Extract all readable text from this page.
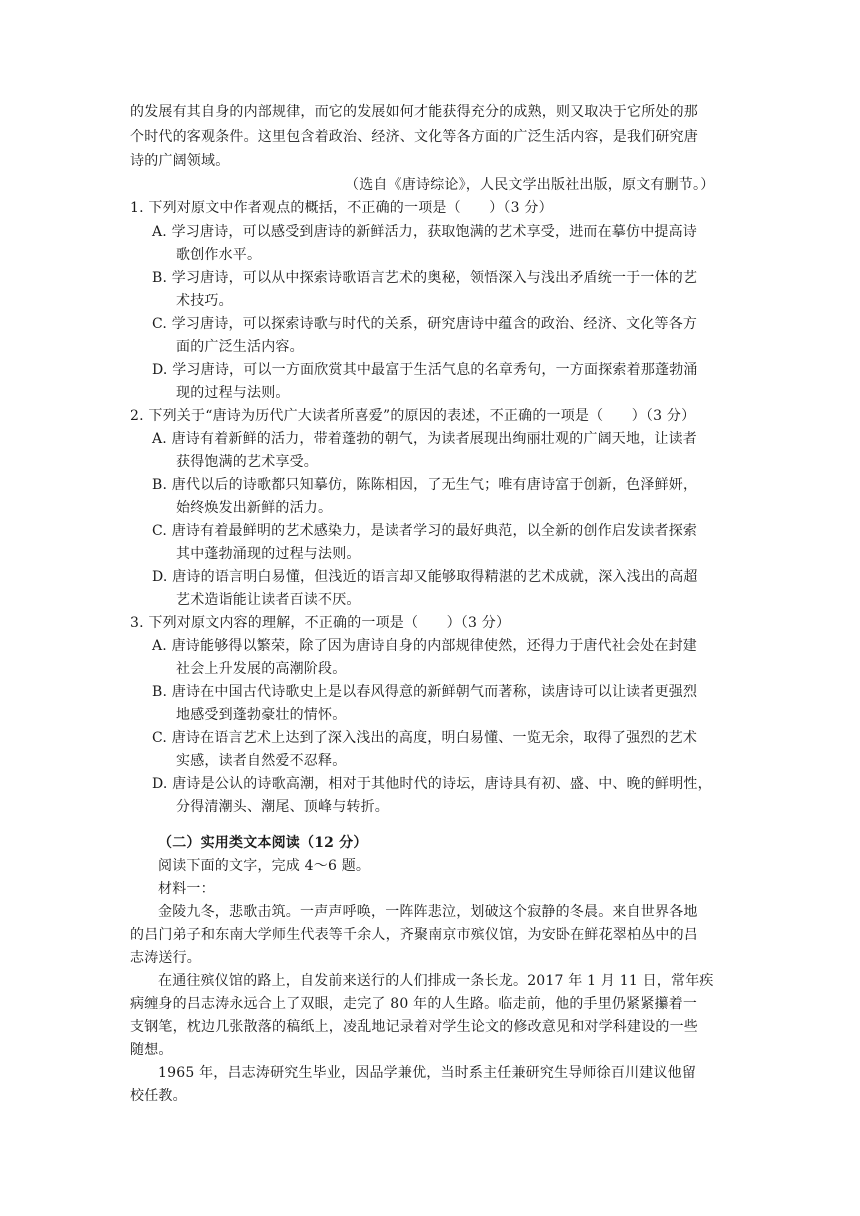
的发展有其自身的内部规律，而它的发展如何才能获得充分的成熟，则又取决于它所处的那
个时代的客观条件。这里包含着政治、经济、文化等各方面的广泛生活内容，是我们研究唐
诗的广阔领域。
（选自《唐诗综论》，人民文学出版社出版，原文有删节。）
1. 下列对原文中作者观点的概括，不正确的一项是（　　）（3 分）
A. 学习唐诗，可以感受到唐诗的新鲜活力，获取饱满的艺术享受，进而在摹仿中提高诗
歌创作水平。
B. 学习唐诗，可以从中探索诗歌语言艺术的奥秘，领悟深入与浅出矛盾统一于一体的艺
术技巧。
C. 学习唐诗，可以探索诗歌与时代的关系，研究唐诗中蕴含的政治、经济、文化等各方
面的广泛生活内容。
D. 学习唐诗，可以一方面欣赏其中最富于生活气息的名章秀句，一方面探索着那蓬勃涌
现的过程与法则。
2. 下列关于“唐诗为历代广大读者所喜爱”的原因的表述，不正确的一项是（　　）（3 分）
A. 唐诗有着新鲜的活力，带着蓬勃的朝气，为读者展现出绚丽壮观的广阔天地，让读者
获得饱满的艺术享受。
B. 唐代以后的诗歌都只知摹仿，陈陈相因，了无生气；唯有唐诗富于创新，色泽鲜妍，
始终焕发出新鲜的活力。
C. 唐诗有着最鲜明的艺术感染力，是读者学习的最好典范，以全新的创作启发读者探索
其中蓬勃涌现的过程与法则。
D. 唐诗的语言明白易懂，但浅近的语言却又能够取得精湛的艺术成就，深入浅出的高超
艺术造诣能让读者百读不厌。
3. 下列对原文内容的理解，不正确的一项是（　　）（3 分）
A. 唐诗能够得以繁荣，除了因为唐诗自身的内部规律使然，还得力于唐代社会处在封建
社会上升发展的高潮阶段。
B. 唐诗在中国古代诗歌史上是以春风得意的新鲜朝气而著称，读唐诗可以让读者更强烈
地感受到蓬勃豪壮的情怀。
C. 唐诗在语言艺术上达到了深入浅出的高度，明白易懂、一览无余，取得了强烈的艺术
实感，读者自然爱不忍释。
D. 唐诗是公认的诗歌高潮，相对于其他时代的诗坛，唐诗具有初、盛、中、晚的鲜明性，
分得清潮头、潮尾、顶峰与转折。
（二）实用类文本阅读（12 分）
阅读下面的文字，完成 4～6 题。
材料一：
金陵九冬，悲歌击筑。一声声呼唤，一阵阵悲泣，划破这个寂静的冬晨。来自世界各地
的吕门弟子和东南大学师生代表等千余人，齐聚南京市殡仪馆，为安卧在鲜花翠柏丛中的吕
志涛送行。
在通往殡仪馆的路上，自发前来送行的人们排成一条长龙。2017 年 1 月 11 日，常年疾
病缠身的吕志涛永远合上了双眼，走完了 80 年的人生路。临走前，他的手里仍紧紧攥着一
支钢笔，枕边几张散落的稿纸上，凌乱地记录着对学生论文的修改意见和对学科建设的一些
随想。
1965 年，吕志涛研究生毕业，因品学兼优，当时系主任兼研究生导师徐百川建议他留
校任教。
